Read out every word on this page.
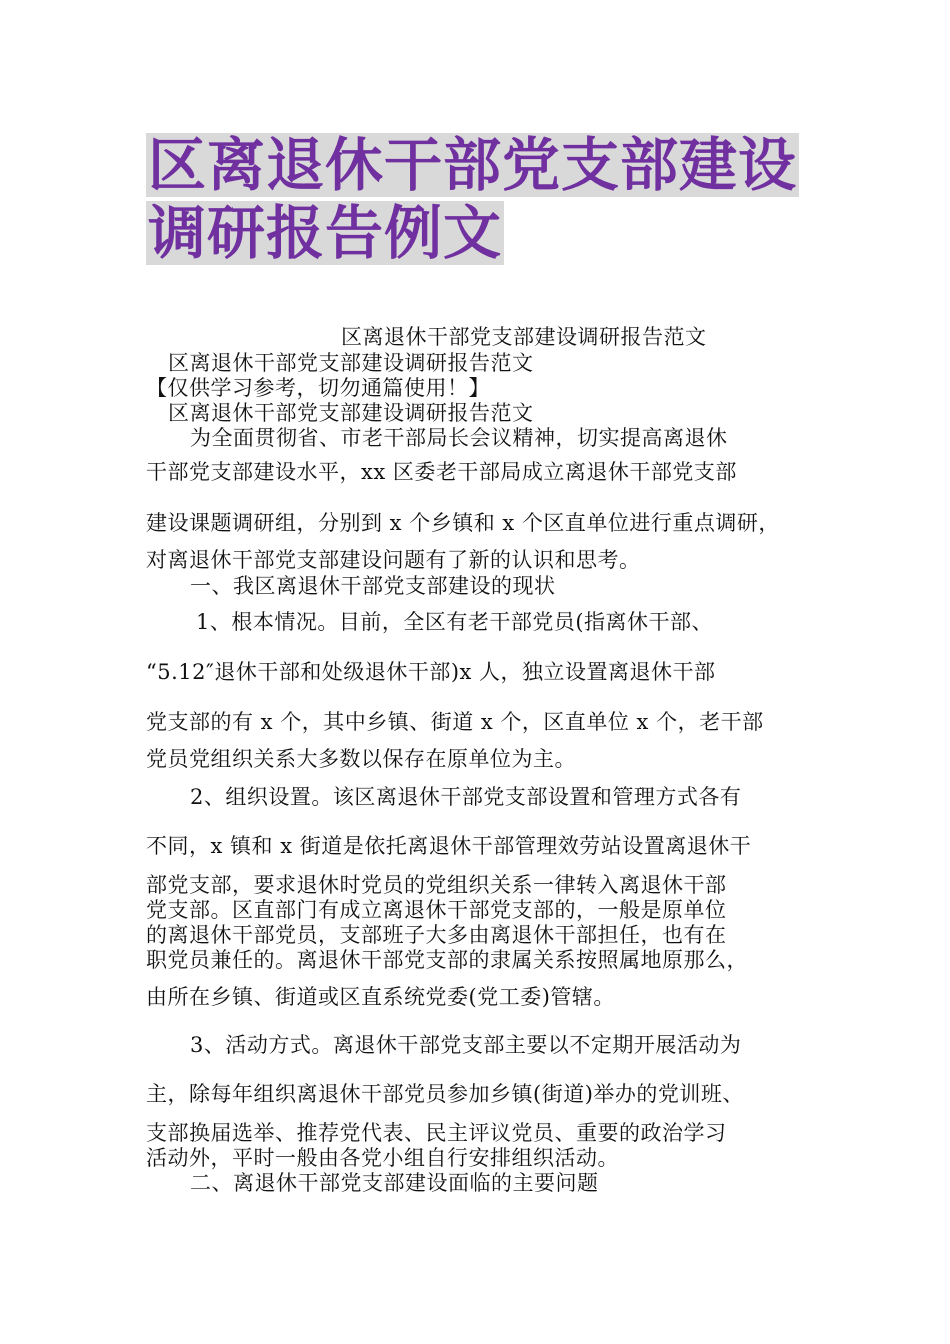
区离退休干部党支部建设
调研报告例文
区离退休干部党支部建设调研报告范文
区离退休干部党支部建设调研报告范文
【仅供学习参考，切勿通篇使用！】
区离退休干部党支部建设调研报告范文
为全面贯彻省、市老干部局长会议精神，切实提高离退休
干部党支部建设水平，xx 区委老干部局成立离退休干部党支部
建设课题调研组，分别到 x 个乡镇和 x 个区直单位进行重点调研，
对离退休干部党支部建设问题有了新的认识和思考。
一、我区离退休干部党支部建设的现状
1、根本情况。目前，全区有老干部党员(指离休干部、
“5.12″退休干部和处级退休干部)x 人，独立设置离退休干部
党支部的有 x 个，其中乡镇、街道 x 个，区直单位 x 个，老干部
党员党组织关系大多数以保存在原单位为主。
2、组织设置。该区离退休干部党支部设置和管理方式各有
不同，x 镇和 x 街道是依托离退休干部管理效劳站设置离退休干
部党支部，要求退休时党员的党组织关系一律转入离退休干部
党支部。区直部门有成立离退休干部党支部的，一般是原单位
的离退休干部党员，支部班子大多由离退休干部担任，也有在
职党员兼任的。离退休干部党支部的隶属关系按照属地原那么，
由所在乡镇、街道或区直系统党委(党工委)管辖。
3、活动方式。离退休干部党支部主要以不定期开展活动为
主，除每年组织离退休干部党员参加乡镇(街道)举办的党训班、
支部换届选举、推荐党代表、民主评议党员、重要的政治学习
活动外，平时一般由各党小组自行安排组织活动。
二、离退休干部党支部建设面临的主要问题
